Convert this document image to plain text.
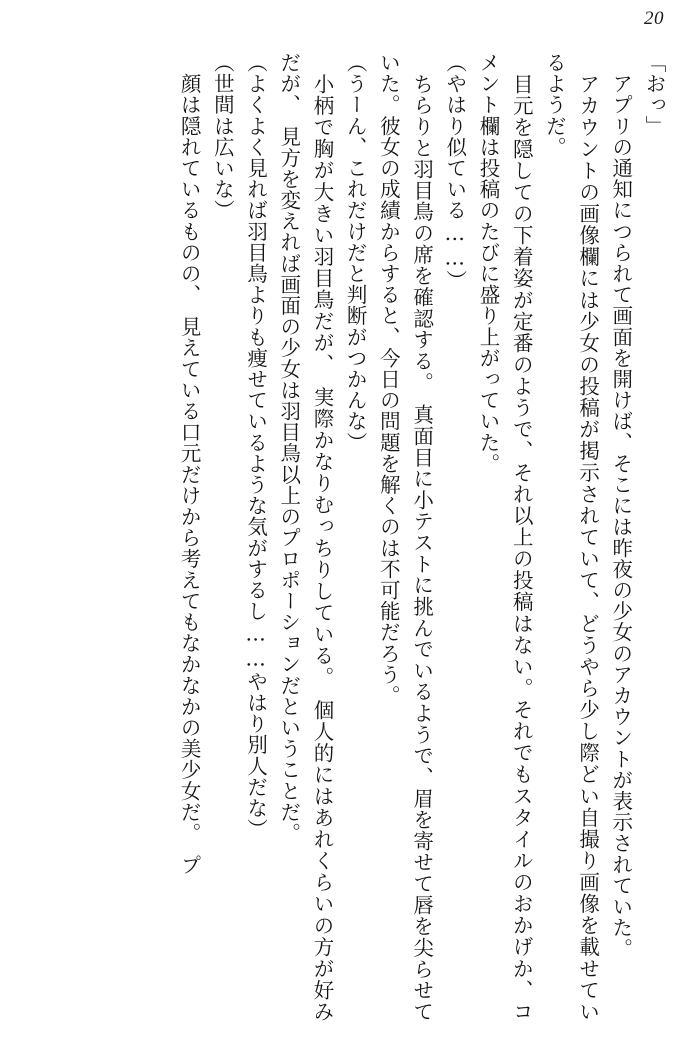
20

「おっ」

　アプリの通知につられて画面を開けば、そこには昨夜の少女のアカウントが表示されていた。

　アカウントの画像欄には少女の投稿が掲示されていて、どうやら少し際どい自撮り画像を載せているようだ。

　目元を隠しての下着姿が定番のようで、それ以上の投稿はない。それでもスタイルのおかげか、コメント欄は投稿のたびに盛り上がっていた。

（やはり似ている……）

　ちらりと羽目鳥の席を確認する。　真面目に小テストに挑んでいるようで、眉を寄せて唇を尖らせていた。彼女の成績からすると、今日の問題を解くのは不可能だろう。

（うーん、これだけだと判断がつかんな）

　小柄で胸が大きい羽目鳥だが、　実際かなりむっちりしている。　個人的にはあれくらいの方が好みだが、　見方を変えれば画面の少女は羽目鳥以上のプロポーションだということだ。

（よくよく見れば羽目鳥よりも痩せているような気がするし……やはり別人だな）

（世間は広いな）

　顔は隠れているものの、　見えている口元だけから考えてもなかなかの美少女だ。　プ
